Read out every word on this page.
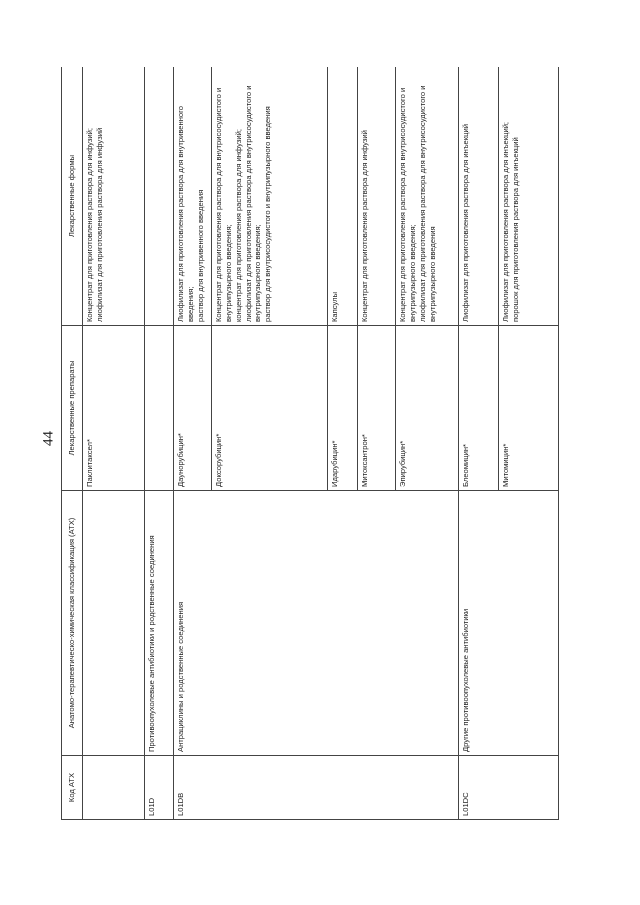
44
Код АТХ	Анатомо-терапевтическо-химическая классификация (АТХ)	Лекарственные препараты	Лекарственные формы
		Паклитаксел*	Концентрат для приготовления раствора для инфузий; лиофилизат для приготовления раствора для инфузий

L01D	Противоопухолевые антибиотики и родственные соединения		
L01DB	Антрациклины и родственные соединения	Даунорубицин*	Лиофилизат для приготовления раствора для внутривенного введения; раствор для внутривенного введения

		Доксорубицин*	Концентрат для приготовления раствора для внутрисосудистого и внутрипузырного введения; концентрат для приготовления раствора для инфузий; лиофилизат для приготовления раствора для внутрисосудистого и внутрипузырного введения; раствор для внутрисосудистого и внутрипузырного введения

		Идарубицин*	Капсулы

		Митоксантрон*	Концентрат для приготовления раствора для инфузий

		Эпирубицин*	Концентрат для приготовления раствора для внутрисосудистого и внутрипузырного введения; лиофилизат для приготовления раствора для внутрисосудистого и внутрипузырного введения

L01DC	Другие противоопухолевые антибиотики	Блеомицин*	Лиофилизат для приготовления раствора для инъекций

		Митомицин*	Лиофилизат для приготовления раствора для инъекций; порошок для приготовления раствора для инъекций
